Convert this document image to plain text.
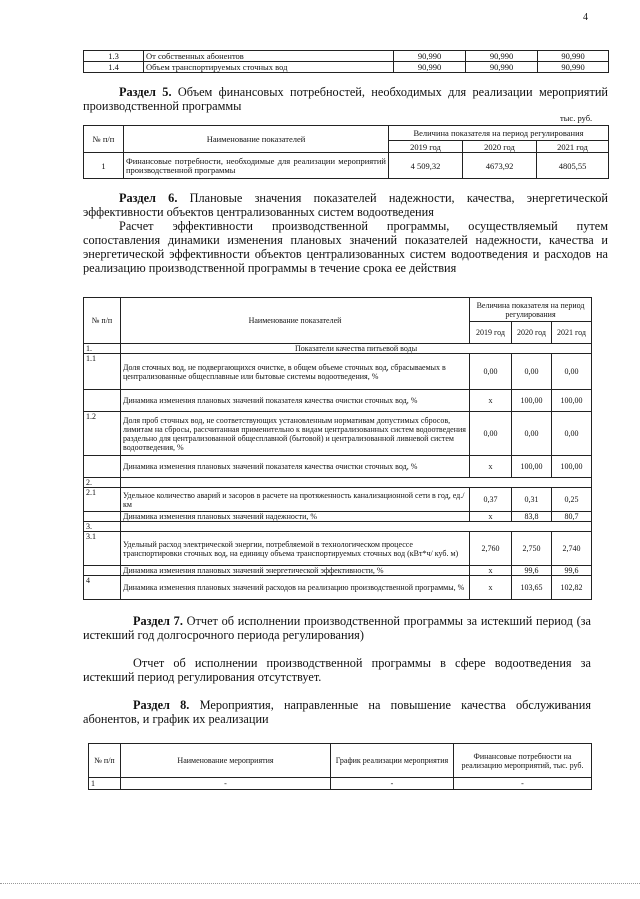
4
1.3	От собственных абонентов	90,990	90,990	90,990
1.4	Объем транспортируемых сточных вод	90,990	90,990	90,990
Раздел 5. Объем финансовых потребностей, необходимых для реализации мероприятий производственной программы
тыс. руб.
№ п/п	Наименование показателей	Величина показателя на период регулирования		
		2019 год	2020 год	2021 год
1	Финансовые потребности, необходимые для реализации мероприятий производственной программы	4 509,32	4673,92	4805,55
Раздел 6. Плановые значения показателей надежности, качества, энергетической эффективности объектов централизованных систем водоотведения
Расчет эффективности производственной программы, осуществляемый путем сопоставления динамики изменения плановых значений показателей надежности, качества и энергетической эффективности объектов централизованных систем водоотведения и расходов на реализацию производственной программы в течение срока ее действия
№ п/п	Наименование показателей	Величина показателя на период регулирования		
		2019 год	2020 год	2021 год
1.	Показатели качества питьевой воды			
1.1	Доля сточных вод, не подвергающихся очистке, в общем объеме сточных вод, сбрасываемых в централизованные общесплавные или бытовые системы водоотведения, %	0,00	0,00	0,00
	Динамика изменения плановых значений показателя качества очистки сточных вод, %	x	100,00	100,00
1.2	Доля проб сточных вод, не соответствующих установленным нормативам допустимых сбросов, лимитам на сбросы, рассчитанная применительно к видам централизованных систем водоотведения раздельно для централизованной общесплавной (бытовой) и централизованной ливневой систем водоотведения, %	0,00	0,00	0,00
	Динамика изменения плановых значений показателя качества очистки сточных вод, %	x	100,00	100,00
2.				
2.1	Удельное количество аварий и засоров в расчете на протяженность канализационной сети в год, ед./ км	0,37	0,31	0,25
	Динамика изменения плановых значений надежности, %	x	83,8	80,7
3.				
3.1	Удельный расход электрической энергии, потребляемой в технологическом процессе транспортировки сточных вод, на единицу объема транспортируемых сточных вод (кВт*ч/ куб. м)	2,760	2,750	2,740
	Динамика изменения плановых значений энергетической эффективности, %	x	99,6	99,6
4	Динамика изменения плановых значений расходов на реализацию производственной программы, %	x	103,65	102,82
Раздел 7. Отчет об исполнении производственной программы за истекший период (за истекший год долгосрочного периода регулирования)
Отчет об исполнении производственной программы в сфере водоотведения за истекший период регулирования отсутствует.
Раздел 8. Мероприятия, направленные на повышение качества обслуживания абонентов, и график их реализации
№ п/п	Наименование мероприятия	График реализации мероприятия	Финансовые потребности на реализацию мероприятий, тыс. руб.
1	-	-	-
